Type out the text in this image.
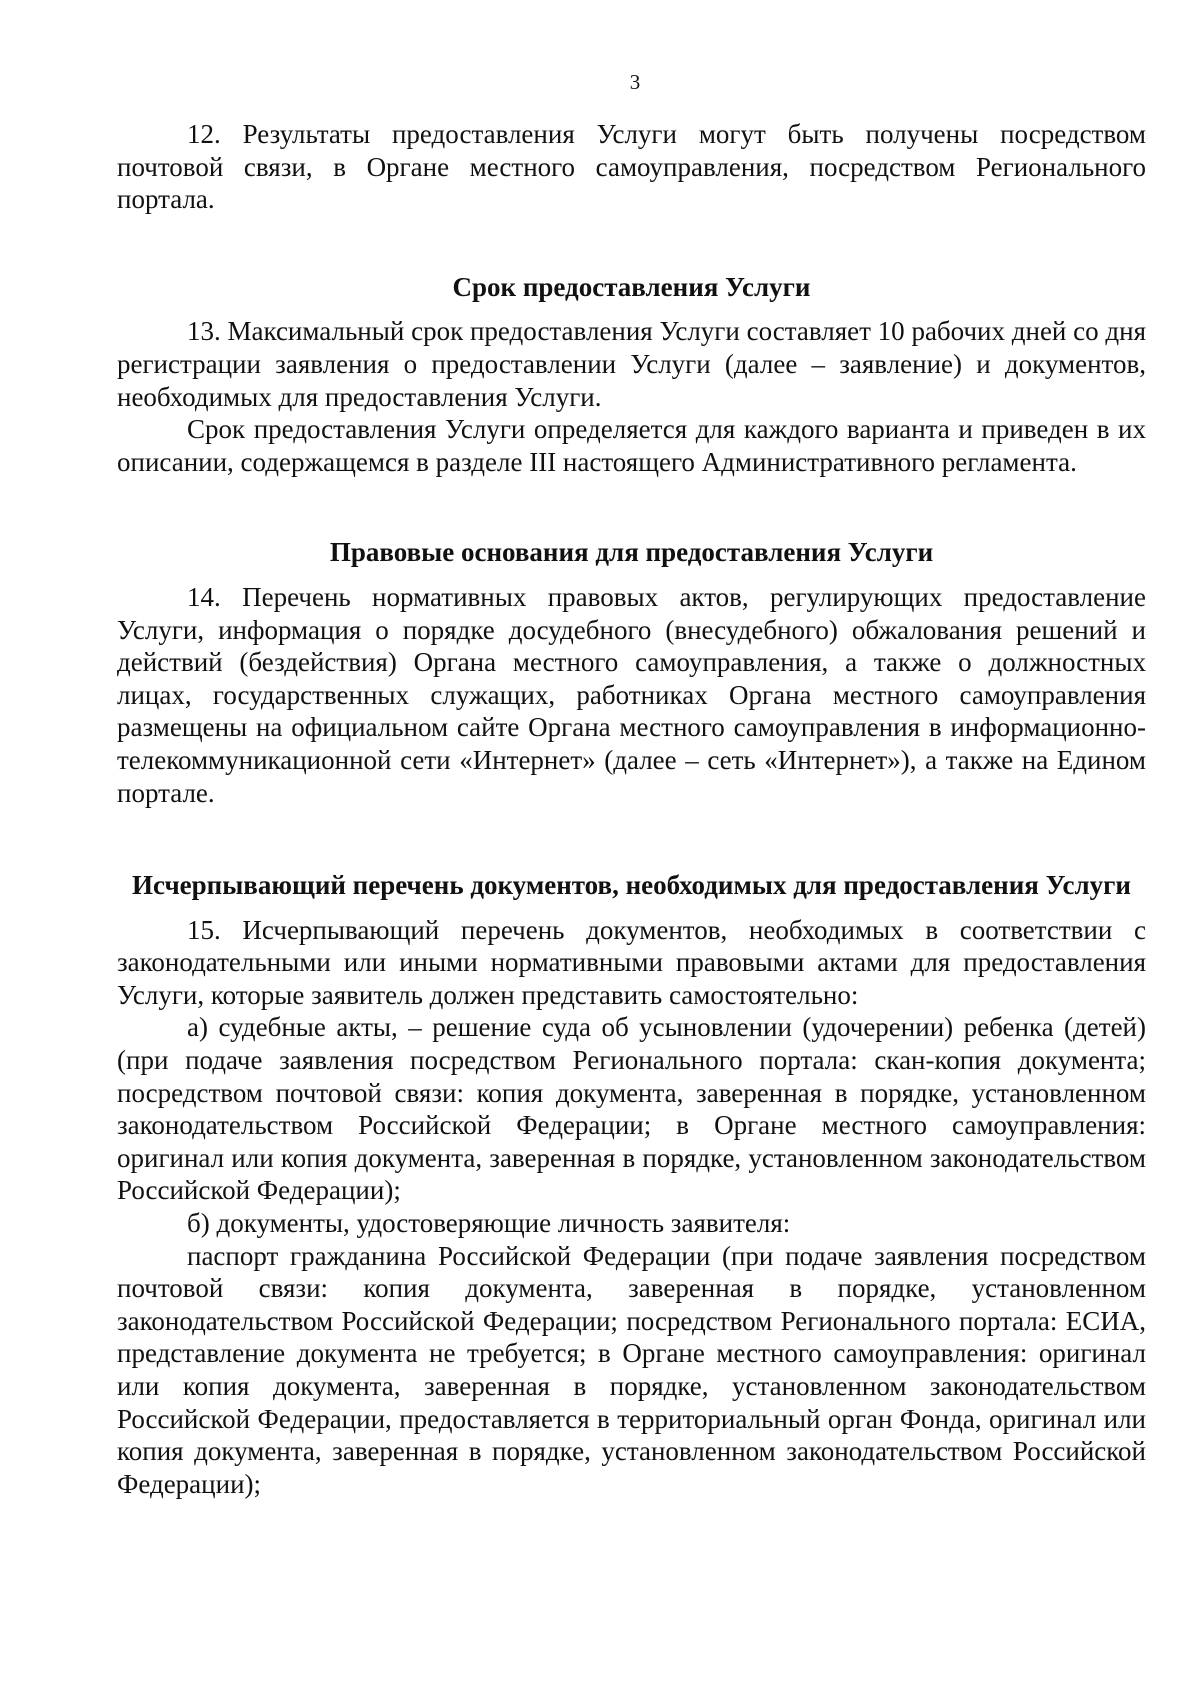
3

12. Результаты предоставления Услуги могут быть получены посредством почтовой связи, в Органе местного самоуправления, посредством Регионального портала.

Срок предоставления Услуги

13. Максимальный срок предоставления Услуги составляет 10 рабочих дней со дня регистрации заявления о предоставлении Услуги (далее – заявление) и документов, необходимых для предоставления Услуги.

Срок предоставления Услуги определяется для каждого варианта и приведен в их описании, содержащемся в разделе III настоящего Административного регламента.

Правовые основания для предоставления Услуги

14. Перечень нормативных правовых актов, регулирующих предоставление Услуги, информация о порядке досудебного (внесудебного) обжалования решений и действий (бездействия) Органа местного самоуправления, а также о должностных лицах, государственных служащих, работниках Органа местного самоуправления размещены на официальном сайте Органа местного самоуправления в информационно-телекоммуникационной сети «Интернет» (далее – сеть «Интернет»), а также на Едином портале.

Исчерпывающий перечень документов, необходимых для предоставления Услуги

15. Исчерпывающий перечень документов, необходимых в соответствии с законодательными или иными нормативными правовыми актами для предоставления Услуги, которые заявитель должен представить самостоятельно:

а) судебные акты, – решение суда об усыновлении (удочерении) ребенка (детей) (при подаче заявления посредством Регионального портала: скан-копия документа; посредством почтовой связи: копия документа, заверенная в порядке, установленном законодательством Российской Федерации; в Органе местного самоуправления: оригинал или копия документа, заверенная в порядке, установленном законодательством Российской Федерации);

б) документы, удостоверяющие личность заявителя:

паспорт гражданина Российской Федерации (при подаче заявления посредством почтовой связи: копия документа, заверенная в порядке, установленном законодательством Российской Федерации; посредством Регионального портала: ЕСИА, представление документа не требуется; в Органе местного самоуправления: оригинал или копия документа, заверенная в порядке, установленном законодательством Российской Федерации, предоставляется в территориальный орган Фонда, оригинал или копия документа, заверенная в порядке, установленном законодательством Российской Федерации);
